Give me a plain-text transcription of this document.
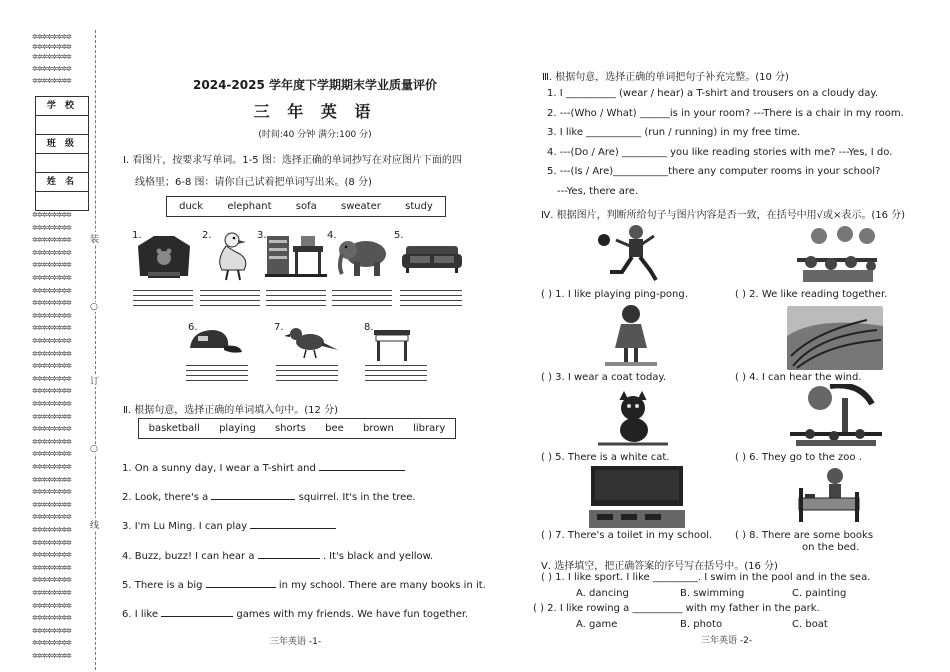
✲✲✲✲✲✲✲✲
✲✲✲✲✲✲✲✲
✲✲✲✲✲✲✲✲
✲✲✲✲✲✲✲✲
✲✲✲✲✲✲✲✲
学 校
班 级
姓 名
✲✲✲✲✲✲✲✲
✲✲✲✲✲✲✲✲
✲✲✲✲✲✲✲✲
✲✲✲✲✲✲✲✲
✲✲✲✲✲✲✲✲
✲✲✲✲✲✲✲✲
✲✲✲✲✲✲✲✲
✲✲✲✲✲✲✲✲
✲✲✲✲✲✲✲✲
✲✲✲✲✲✲✲✲
✲✲✲✲✲✲✲✲
✲✲✲✲✲✲✲✲
✲✲✲✲✲✲✲✲
✲✲✲✲✲✲✲✲
✲✲✲✲✲✲✲✲
✲✲✲✲✲✲✲✲
✲✲✲✲✲✲✲✲
✲✲✲✲✲✲✲✲
✲✲✲✲✲✲✲✲
✲✲✲✲✲✲✲✲
✲✲✲✲✲✲✲✲
✲✲✲✲✲✲✲✲
✲✲✲✲✲✲✲✲
✲✲✲✲✲✲✲✲
✲✲✲✲✲✲✲✲
✲✲✲✲✲✲✲✲
✲✲✲✲✲✲✲✲
✲✲✲✲✲✲✲✲
✲✲✲✲✲✲✲✲
✲✲✲✲✲✲✲✲
✲✲✲✲✲✲✲✲
✲✲✲✲✲✲✲✲
✲✲✲✲✲✲✲✲
✲✲✲✲✲✲✲✲
✲✲✲✲✲✲✲✲
✲✲✲✲✲✲✲✲
装
○
订
○
线
2024-2025 学年度下学期期末学业质量评价
三 年 英 语
(时间:40 分钟 满分:100 分)
Ⅰ. 看图片，按要求写单词。1-5 图：选择正确的单词抄写在对应图片下面的四
线格里；6-8 图：请你自己试着把单词写出来。(8 分)
duck elephant sofa sweater study
1.	2.	3.	4.	5.
6.	7.	8.
Ⅱ. 根据句意，选择正确的单词填入句中。(12 分)
basketball playing shorts bee brown library
1. On a sunny day, I wear a T-shirt and
2. Look, there's a	squirrel. It's in the tree.
3. I'm Lu Ming. I can play
4. Buzz, buzz! I can hear a	. It's black and yellow.
5. There is a big	in my school. There are many books in it.
6. I like	games with my friends. We have fun together.
三年英语 -1-
Ⅲ. 根据句意，选择正确的单词把句子补充完整。(10 分)
1. I __________ (wear / hear) a T-shirt and trousers on a cloudy day.
2. ---(Who / What) ______is in your room? ---There is a chair in my room.
3. I like ___________ (run / running) in my free time.
4. ---(Do / Are) _________ you like reading stories with me? ---Yes, I do.
5. ---(Is / Are)___________there any computer rooms in your school?
---Yes, there are.
Ⅳ. 根据图片，判断所给句子与图片内容是否一致，在括号中用√或×表示。(16 分)
( ) 1. I like playing ping-pong.	( ) 2. We like reading together.
( ) 3. I wear a coat today.	( ) 4. I can hear the wind.
( ) 5. There is a white cat.	( ) 6. They go to the zoo .
( ) 7. There's a toilet in my school. ( ) 8. There are some books
on the bed.
Ⅴ. 选择填空，把正确答案的序号写在括号中。(16 分)
( ) 1. I like sport. I like _________. I swim in the pool and in the sea.
A. dancing	B. swimming	C. painting
( ) 2. I like rowing a __________ with my father in the park.
A. game	B. photo	C. boat
三年英语 -2-
